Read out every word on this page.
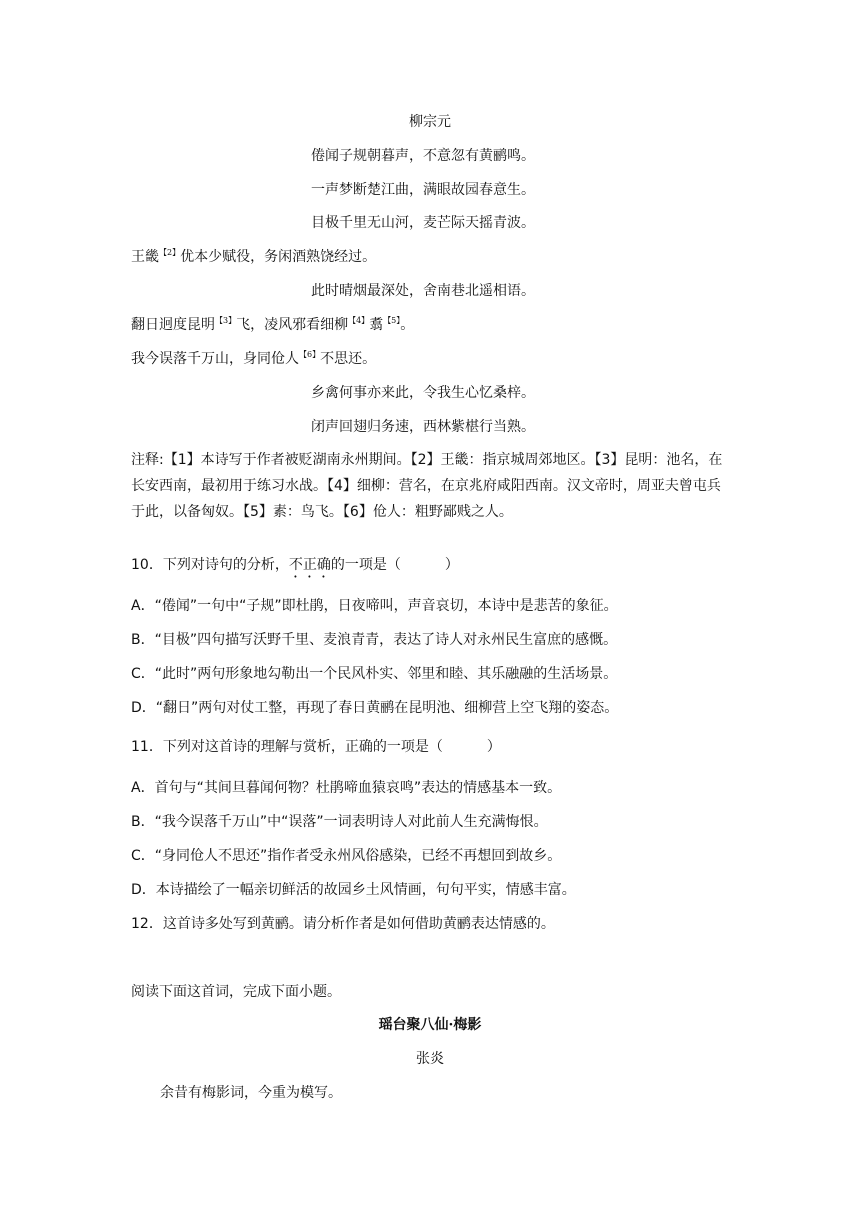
柳宗元
倦闻子规朝暮声，不意忽有黄鹂鸣。
一声梦断楚江曲，满眼故园春意生。
目极千里无山河，麦芒际天摇青波。
王畿$^{【2】}$优本少赋役，务闲酒熟饶经过。
此时晴烟最深处，舍南巷北遥相语。
翻日迥度昆明$^{【3】}$飞，凌风邪看细柳$^{【4】}$翥$^{【5】}$。
我今误落千万山，身同伧人$^{【6】}$不思还。
乡禽何事亦来此，令我生心忆桑梓。
闭声回翅归务速，西林紫椹行当熟。
注释:【1】本诗写于作者被贬湖南永州期间。【2】王畿：指京城周郊地区。【3】昆明：池名，在长安西南，最初用于练习水战。【4】细柳：营名，在京兆府咸阳西南。汉文帝时，周亚夫曾屯兵于此，以备匈奴。【5】素：鸟飞。【6】伧人：粗野鄙贱之人。
10．下列对诗句的分析，不正确的一项是（	）
A．“倦闻”一句中“子规”即杜鹃，日夜啼叫，声音哀切，本诗中是悲苦的象征。
B．“目极”四句描写沃野千里、麦浪青青，表达了诗人对永州民生富庶的感慨。
C．“此时”两句形象地勾勒出一个民风朴实、邻里和睦、其乐融融的生活场景。
D．“翻日”两句对仗工整，再现了春日黄鹂在昆明池、细柳营上空飞翔的姿态。
11．下列对这首诗的理解与赏析，正确的一项是（	）
A．首句与“其间旦暮闻何物？杜鹃啼血猿哀鸣”表达的情感基本一致。
B．“我今误落千万山”中“误落”一词表明诗人对此前人生充满悔恨。
C．“身同伧人不思还”指作者受永州风俗感染，已经不再想回到故乡。
D．本诗描绘了一幅亲切鲜活的故园乡土风情画，句句平实，情感丰富。
12．这首诗多处写到黄鹂。请分析作者是如何借助黄鹂表达情感的。
阅读下面这首词，完成下面小题。
瑶台聚八仙·梅影
张炎
余昔有梅影词，今重为模写。
